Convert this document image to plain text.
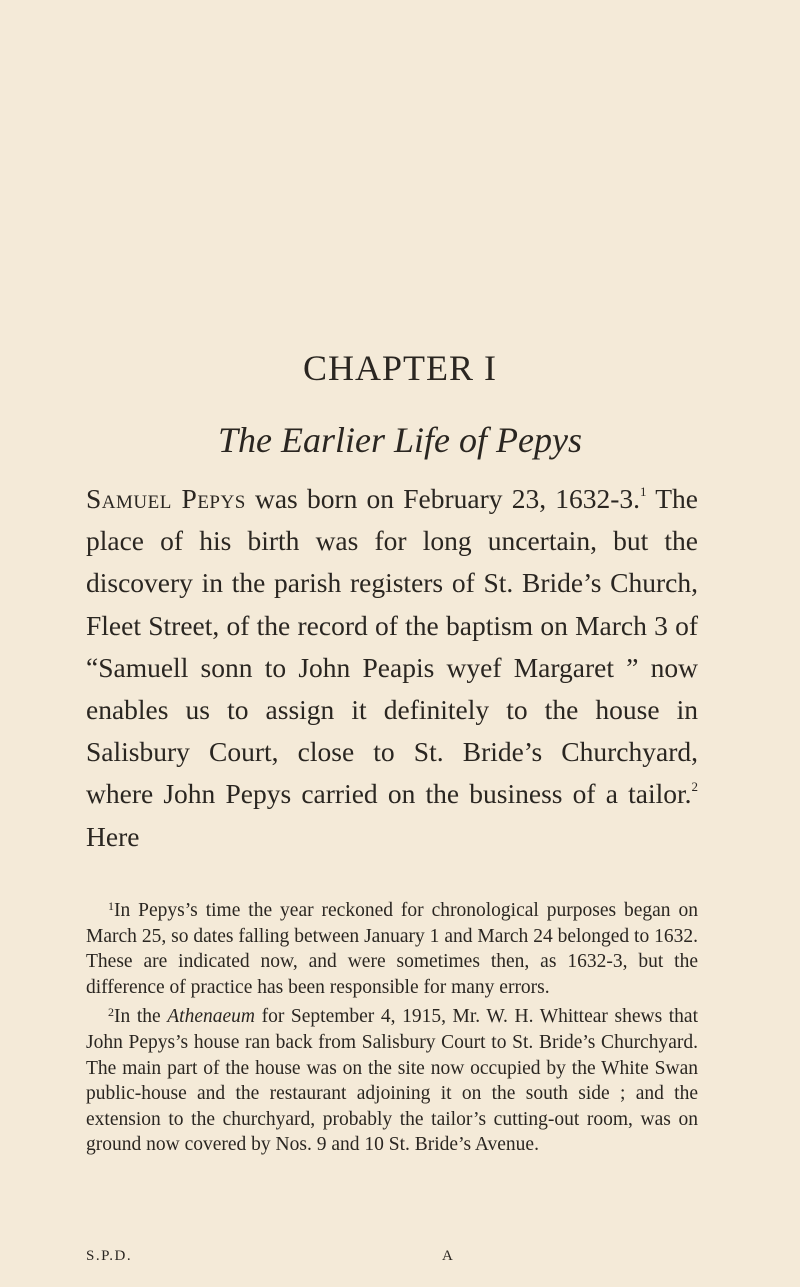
CHAPTER I
The Earlier Life of Pepys

Samuel Pepys was born on February 23, 1632-3.$^1$ The place of his birth was for long uncertain, but the discovery in the parish registers of St. Bride’s Church, Fleet Street, of the record of the baptism on March 3 of “Samuell sonn to John Peapis wyef Margaret ” now enables us to assign it definitely to the house in Salisbury Court, close to St. Bride’s Churchyard, where John Pepys carried on the business of a tailor.$^2$ Here

$^1$In Pepys’s time the year reckoned for chronological purposes began on March 25, so dates falling between January 1 and March 24 belonged to 1632. These are indicated now, and were sometimes then, as 1632-3, but the difference of practice has been responsible for many errors.

$^2$In the Athenaeum for September 4, 1915, Mr. W. H. Whittear shews that John Pepys’s house ran back from Salisbury Court to St. Bride’s Churchyard. The main part of the house was on the site now occupied by the White Swan public-house and the restaurant adjoining it on the south side ; and the extension to the churchyard, probably the tailor’s cutting-out room, was on ground now covered by Nos. 9 and 10 St. Bride’s Avenue.

S.P.D.	A
